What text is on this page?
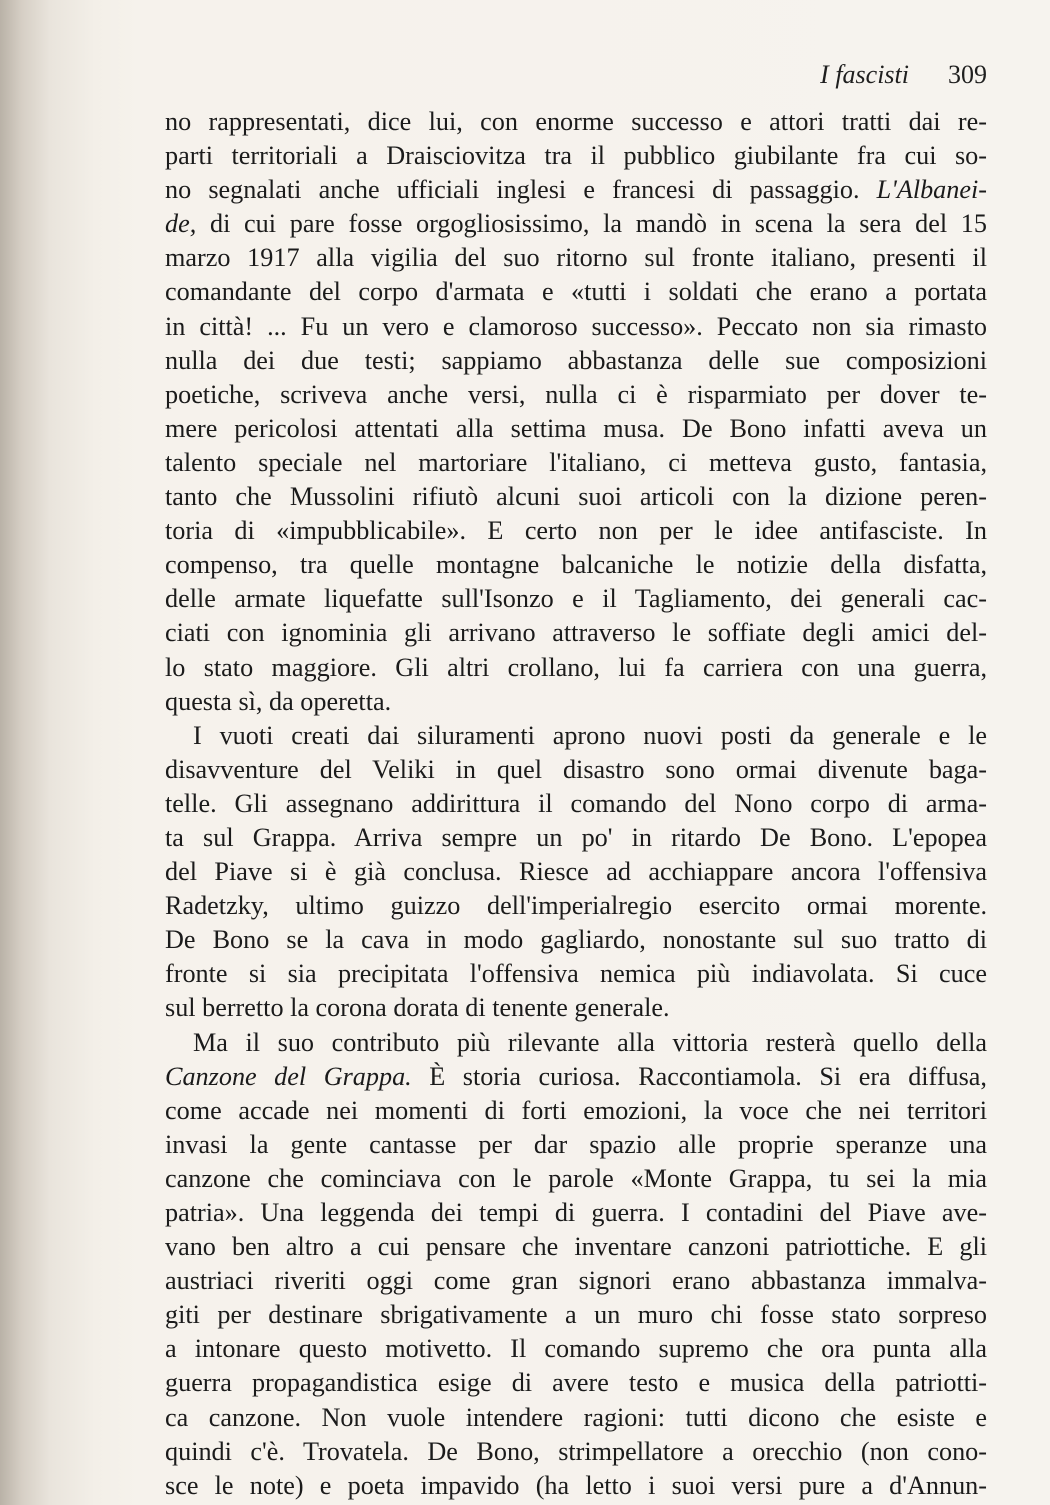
I fascisti 309
no rappresentati, dice lui, con enorme successo e attori tratti dai re-
parti territoriali a Draisciovitza tra il pubblico giubilante fra cui so-
no segnalati anche ufficiali inglesi e francesi di passaggio. L'Albanei-
de, di cui pare fosse orgogliosissimo, la mandò in scena la sera del 15
marzo 1917 alla vigilia del suo ritorno sul fronte italiano, presenti il
comandante del corpo d'armata e «tutti i soldati che erano a portata
in città! ... Fu un vero e clamoroso successo». Peccato non sia rimasto
nulla dei due testi; sappiamo abbastanza delle sue composizioni
poetiche, scriveva anche versi, nulla ci è risparmiato per dover te-
mere pericolosi attentati alla settima musa. De Bono infatti aveva un
talento speciale nel martoriare l'italiano, ci metteva gusto, fantasia,
tanto che Mussolini rifiutò alcuni suoi articoli con la dizione peren-
toria di «impubblicabile». E certo non per le idee antifasciste. In
compenso, tra quelle montagne balcaniche le notizie della disfatta,
delle armate liquefatte sull'Isonzo e il Tagliamento, dei generali cac-
ciati con ignominia gli arrivano attraverso le soffiate degli amici del-
lo stato maggiore. Gli altri crollano, lui fa carriera con una guerra,
questa sì, da operetta.
I vuoti creati dai siluramenti aprono nuovi posti da generale e le
disavventure del Veliki in quel disastro sono ormai divenute baga-
telle. Gli assegnano addirittura il comando del Nono corpo di arma-
ta sul Grappa. Arriva sempre un po' in ritardo De Bono. L'epopea
del Piave si è già conclusa. Riesce ad acchiappare ancora l'offensiva
Radetzky, ultimo guizzo dell'imperialregio esercito ormai morente.
De Bono se la cava in modo gagliardo, nonostante sul suo tratto di
fronte si sia precipitata l'offensiva nemica più indiavolata. Si cuce
sul berretto la corona dorata di tenente generale.
Ma il suo contributo più rilevante alla vittoria resterà quello della
Canzone del Grappa. È storia curiosa. Raccontiamola. Si era diffusa,
come accade nei momenti di forti emozioni, la voce che nei territori
invasi la gente cantasse per dar spazio alle proprie speranze una
canzone che cominciava con le parole «Monte Grappa, tu sei la mia
patria». Una leggenda dei tempi di guerra. I contadini del Piave ave-
vano ben altro a cui pensare che inventare canzoni patriottiche. E gli
austriaci riveriti oggi come gran signori erano abbastanza immalva-
giti per destinare sbrigativamente a un muro chi fosse stato sorpreso
a intonare questo motivetto. Il comando supremo che ora punta alla
guerra propagandistica esige di avere testo e musica della patriotti-
ca canzone. Non vuole intendere ragioni: tutti dicono che esiste e
quindi c'è. Trovatela. De Bono, strimpellatore a orecchio (non cono-
sce le note) e poeta impavido (ha letto i suoi versi pure a d'Annun-
